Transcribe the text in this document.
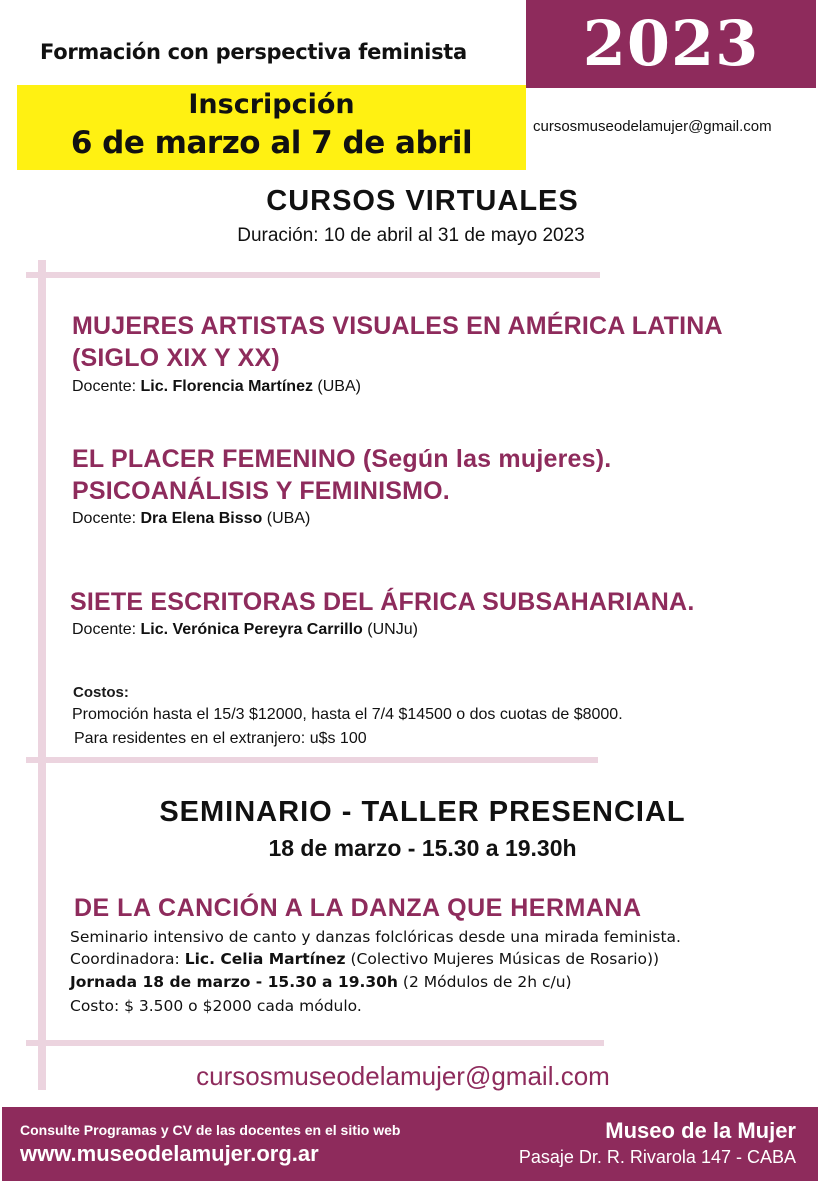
2023
Formación con perspectiva feminista
Inscripción
6 de marzo al 7 de abril	cursosmuseodelamujer@gmail.com
CURSOS VIRTUALES
Duración: 10 de abril al 31 de mayo 2023
MUJERES ARTISTAS VISUALES EN AMÉRICA LATINA
(SIGLO XIX Y XX)
Docente: Lic. Florencia Martínez (UBA)
EL PLACER FEMENINO (Según las mujeres).
PSICOANÁLISIS Y FEMINISMO.
Docente: Dra Elena Bisso (UBA)
SIETE ESCRITORAS DEL ÁFRICA SUBSAHARIANA.
Docente: Lic. Verónica Pereyra Carrillo (UNJu)
Costos:
Promoción hasta el 15/3 $12000, hasta el 7/4 $14500 o dos cuotas de $8000.
Para residentes en el extranjero: u$s 100
SEMINARIO - TALLER PRESENCIAL
18 de marzo - 15.30 a 19.30h
DE LA CANCIÓN A LA DANZA QUE HERMANA
Seminario intensivo de canto y danzas folclóricas desde una mirada feminista.
Coordinadora: Lic. Celia Martínez (Colectivo Mujeres Músicas de Rosario))
Jornada 18 de marzo - 15.30 a 19.30h (2 Módulos de 2h c/u)
Costo: $ 3.500 o $2000 cada módulo.
cursosmuseodelamujer@gmail.com
Consulte Programas y CV de las docentes en el sitio web
www.museodelamujer.org.ar
Museo de la Mujer
Pasaje Dr. R. Rivarola 147 - CABA
